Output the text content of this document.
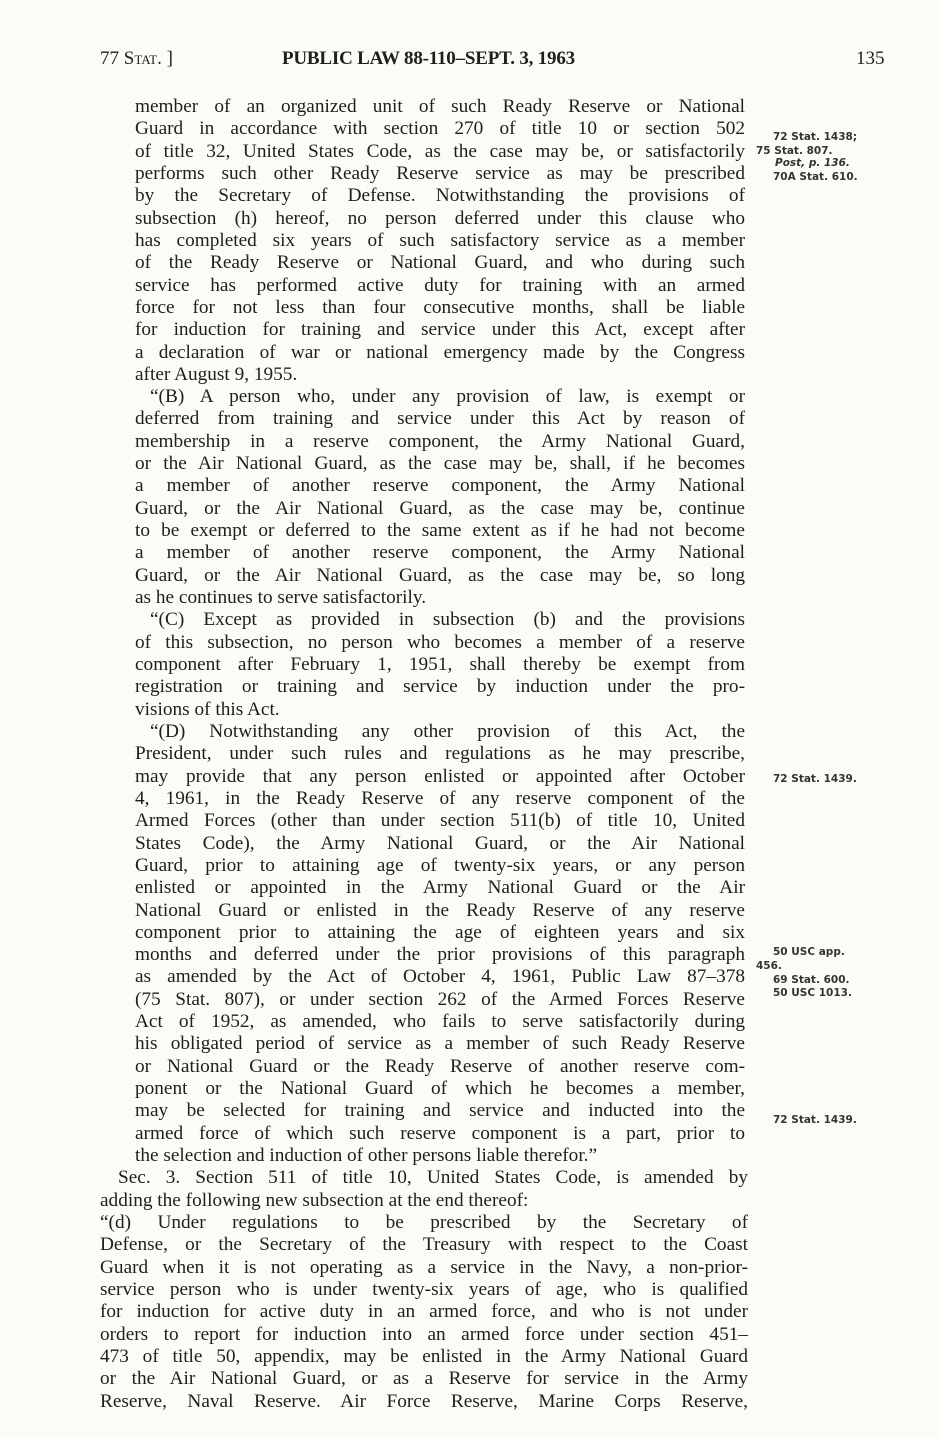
77 Stat. ]	PUBLIC LAW 88-110–SEPT. 3, 1963	135
member of an organized unit of such Ready Reserve or National
Guard in accordance with section 270 of title 10 or section 502
of title 32, United States Code, as the case may be, or satisfactorily
performs such other Ready Reserve service as may be prescribed
by the Secretary of Defense. Notwithstanding the provisions of
subsection (h) hereof, no person deferred under this clause who
has completed six years of such satisfactory service as a member
of the Ready Reserve or National Guard, and who during such
service has performed active duty for training with an armed
force for not less than four consecutive months, shall be liable
for induction for training and service under this Act, except after
a declaration of war or national emergency made by the Congress
after August 9, 1955.
“(B) A person who, under any provision of law, is exempt or
deferred from training and service under this Act by reason of
membership in a reserve component, the Army National Guard,
or the Air National Guard, as the case may be, shall, if he becomes
a member of another reserve component, the Army National
Guard, or the Air National Guard, as the case may be, continue
to be exempt or deferred to the same extent as if he had not become
a member of another reserve component, the Army National
Guard, or the Air National Guard, as the case may be, so long
as he continues to serve satisfactorily.
“(C) Except as provided in subsection (b) and the provisions
of this subsection, no person who becomes a member of a reserve
component after February 1, 1951, shall thereby be exempt from
registration or training and service by induction under the pro-
visions of this Act.
“(D) Notwithstanding any other provision of this Act, the
President, under such rules and regulations as he may prescribe,
may provide that any person enlisted or appointed after October
4, 1961, in the Ready Reserve of any reserve component of the
Armed Forces (other than under section 511(b) of title 10, United
States Code), the Army National Guard, or the Air National
Guard, prior to attaining age of twenty-six years, or any person
enlisted or appointed in the Army National Guard or the Air
National Guard or enlisted in the Ready Reserve of any reserve
component prior to attaining the age of eighteen years and six
months and deferred under the prior provisions of this paragraph
as amended by the Act of October 4, 1961, Public Law 87–378
(75 Stat. 807), or under section 262 of the Armed Forces Reserve
Act of 1952, as amended, who fails to serve satisfactorily during
his obligated period of service as a member of such Ready Reserve
or National Guard or the Ready Reserve of another reserve com-
ponent or the National Guard of which he becomes a member,
may be selected for training and service and inducted into the
armed force of which such reserve component is a part, prior to
the selection and induction of other persons liable therefor.”
Sec. 3. Section 511 of title 10, United States Code, is amended by
adding the following new subsection at the end thereof:
“(d) Under regulations to be prescribed by the Secretary of
Defense, or the Secretary of the Treasury with respect to the Coast
Guard when it is not operating as a service in the Navy, a non-prior-
service person who is under twenty-six years of age, who is qualified
for induction for active duty in an armed force, and who is not under
orders to report for induction into an armed force under section 451–
473 of title 50, appendix, may be enlisted in the Army National Guard
or the Air National Guard, or as a Reserve for service in the Army
Reserve, Naval Reserve. Air Force Reserve, Marine Corps Reserve,
72 Stat. 1438;
75 Stat. 807.
Post, p. 136.
70A Stat. 610.
72 Stat. 1439.
50 USC app.
456.
69 Stat. 600.
50 USC 1013.
72 Stat. 1439.
